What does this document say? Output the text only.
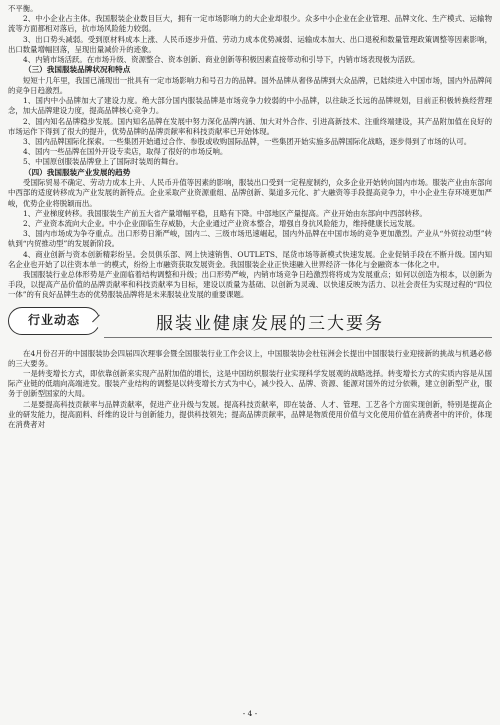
不平衡。

2、中小企业占主体。我国服装企业数目巨大，拥有一定市场影响力的大企业却很少。众多中小企业在企业管理、品牌文化、生产模式、运输物流等方面都相对落后，抗市场风险能力较弱。

3、出口势头减弱。受到原材料成本上涨、人民币逐步升值、劳动力成本优势减弱、运输成本加大、出口退税和数量管理政策调整等因素影响，出口数量增幅回落，呈现出量减价升的迹象。

4、内销市场活跃。在市场升级、资源整合、资本创新、商业创新等积极因素直接带动和引导下，内销市场表现极为活跃。

（三）我国服装品牌状况和特点

短短十几年里，我国已涌现出一批具有一定市场影响力和号召力的品牌。国外品牌从奢侈品牌到大众品牌，已陆续进入中国市场，国内外品牌间的竞争日趋激烈。

1、国内中小品牌加大了建设力度。绝大部分国内服装品牌是市场竞争力较弱的中小品牌，以往缺乏长远的品牌规划，目前正积极转换经营理念，加大品牌建设力度，提高品牌核心竞争力。

2、国内知名品牌稳步发展。国内知名品牌在发展中努力深化品牌内涵、加大对外合作、引进高新技术、注重终端建设，其产品附加值在良好的市场运作下得到了很大的提升，优势品牌的品牌贡献率和科技贡献率已开始体现。

3、国内品牌国际化探索。一些集团开始通过合作、参股或收购国际品牌，一些集团开始实施多品牌国际化战略，逐步得到了市场的认可。

4、国内一些品牌在国外开设专卖店，取得了很好的市场反响。

5、中国原创服装品牌登上了国际时装周的舞台。

（四）我国服装产业发展的趋势

受国际贸易不确定、劳动力成本上升、人民币升值等因素的影响，服装出口受到一定程度制约，众多企业开始转向国内市场。服装产业由东部向中西部的适度转移成为产业发展的新特点。企业采取产业资源重组、品牌创新、渠道多元化、扩大融资等手段提高竞争力，中小企业生存环境更加严峻，优势企业将脱颖而出。

1、产业梯度转移。我国服装生产前五大省产量增幅平稳，且略有下降。中部地区产量提高。产业开始由东部向中西部转移。

2、产业资本流向大企业。中小企业面临生存威胁，大企业通过产业资本整合，增强自身抗风险能力，维持健康长远发展。

3、国内市场成为争夺重点。出口形势日渐严峻，国内二、三级市场迅速崛起，国内外品牌在中国市场的竞争更加激烈。产业从“外贸拉动型”转轨到“内贸推动型”的发展新阶段。

4、商业创新与资本创新精彩纷呈。会员俱乐部、网上快速销售、OUTLETS、尾货市场等新模式快速发展。企业促销手段在不断升级。国内知名企业也开始了以往资本单一的模式，纷纷上市融资获取发展资金。我国服装企业正快速融入世界经济一体化与金融资本一体化之中。

我国服装行业总体形势是产业面临着结构调整和升级；出口形势严峻，内销市场竞争日趋激烈将将成为发展重点；如何以创造为根本，以创新为手段，以提高产品价值的品牌贡献率和科技贡献率为目标，建设以质量为基础、以创新为灵魂、以快速反映为活力、以社会责任为实现过程的“四位一体”的有良好品牌生态的优势服装品牌将是未来服装业发展的重要课题。

行业动态	服装业健康发展的三大要务

在4月份召开的中国服装协会四届四次理事会暨全国服装行业工作会议上，中国服装协会杜钰洲会长提出中国服装行业迎接新的挑战与机遇必修的三大要务。

一是转变增长方式，即依靠创新来实现产品附加值的增长，这是中国纺织服装行业实现科学发展观的战略选择。转变增长方式的实质内容是从国际产业链的低端向高端进发。服装产业结构的调整是以转变增长方式为中心，减少投入、品牌、资源、能源对国外的过分依赖，建立创新型产业，服务于创新型国家的大局。

二是要提高科技贡献率与品牌贡献率，促进产业升级与发展。提高科技贡献率，即在装备、人才、管理、工艺各个方面实现创新，特别是提高企业的研发能力，提高面料、纤维的设计与创新能力，提供科技领先；提高品牌贡献率，品牌是物质使用价值与文化使用价值在消费者中的评价，体现在消费者对

- 4 -
